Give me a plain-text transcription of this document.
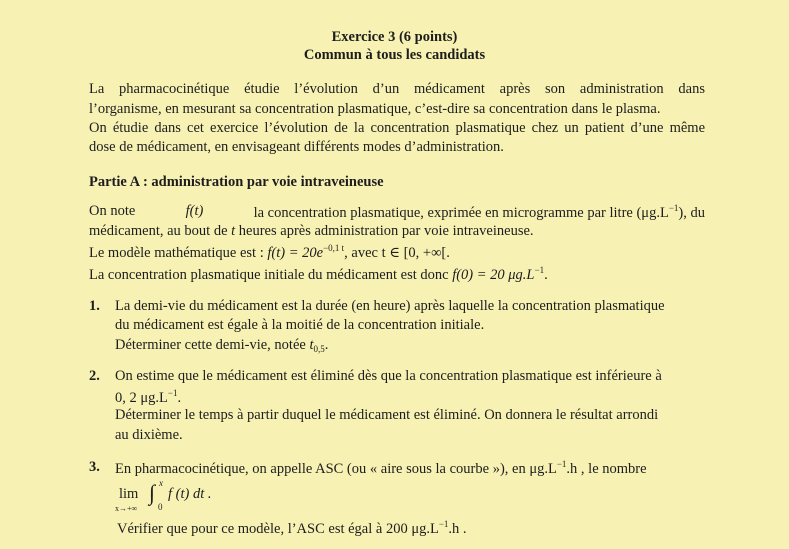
Exercice 3 (6 points)
Commun à tous les candidats
La pharmacocinétique étudie l’évolution d’un médicament après son administration dans
l’organisme, en mesurant sa concentration plasmatique, c’est-dire sa concentration dans le plasma.
On étudie dans cet exercice l’évolution de la concentration plasmatique chez un patient d’une même
dose de médicament, en envisageant différents modes d’administration.
Partie A : administration par voie intraveineuse
On note	f(t)	la concentration plasmatique, exprimée en microgramme par litre $(\mu g.L^{-1})$, du
médicament, au bout de t heures après administration par voie intraveineuse.
Le modèle mathématique est : $f(t) = 20e^{-0,1 t}$, avec t ∈ [0, +∞[.
La concentration plasmatique initiale du médicament est donc f(0) = 20 $\mu g.L^{-1}$.
1. La demi-vie du médicament est la durée (en heure) après laquelle la concentration plasmatique
du médicament est égale à la moitié de la concentration initiale.
Déterminer cette demi-vie, notée $t_{0,5}$.
2. On estime que le médicament est éliminé dès que la concentration plasmatique est inférieure à
0, 2 $\mu g.L^{-1}$.
Déterminer le temps à partir duquel le médicament est éliminé. On donnera le résultat arrondi
au dixième.
3. En pharmacocinétique, on appelle ASC (ou « aire sous la courbe »), en $\mu g.L^{-1}.h$ , le nombre
lim
x→+∞
∫ x
0
f (t) dt .
Vérifier que pour ce modèle, l’ASC est égal à 200 $\mu g.L^{-1}.h$ .
